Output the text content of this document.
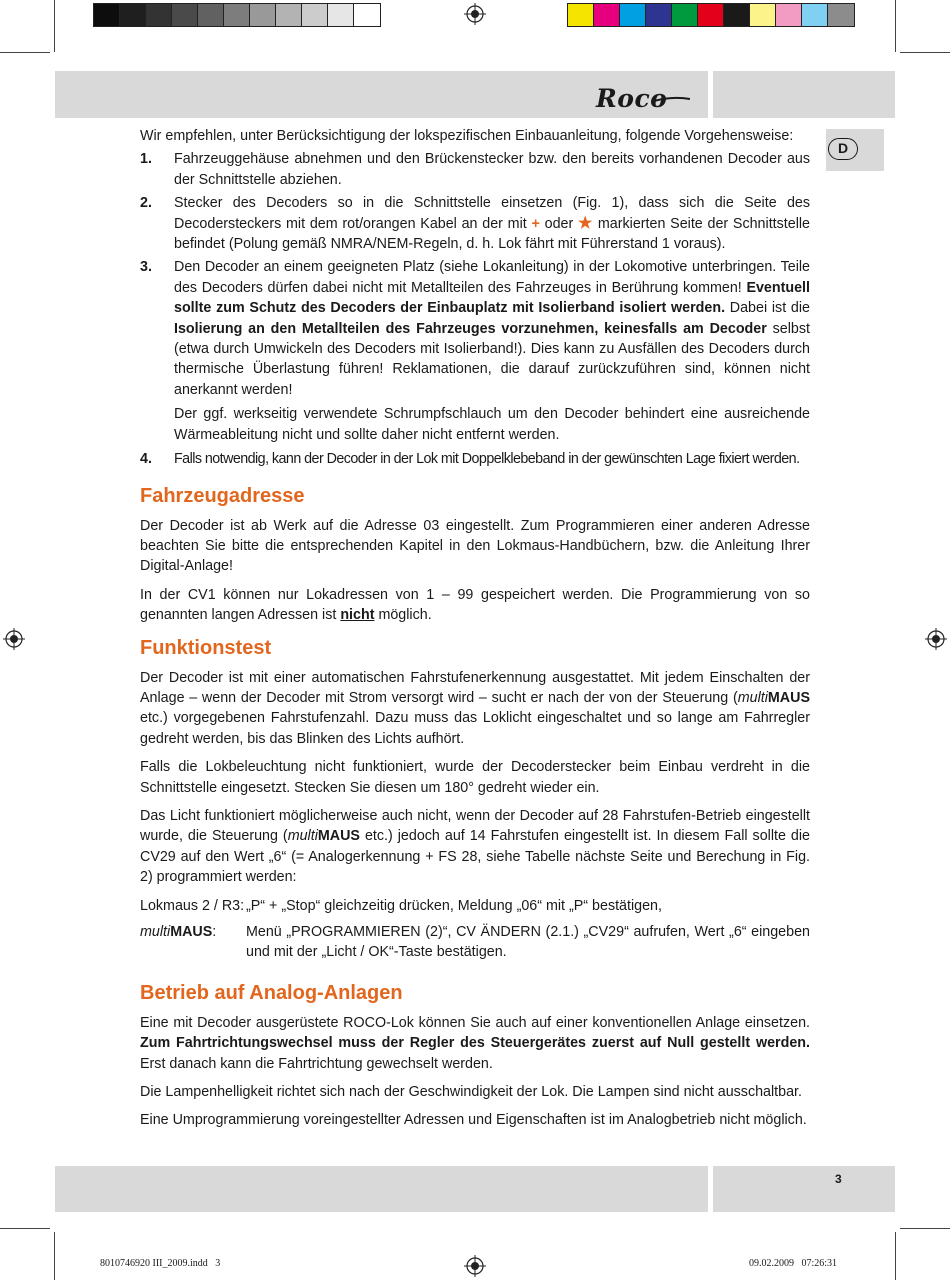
Roco
D

Wir empfehlen, unter Berücksichtigung der lokspezifischen Einbauanleitung, folgende Vorgehensweise:

1. Fahrzeuggehäuse abnehmen und den Brückenstecker bzw. den bereits vorhandenen Decoder aus der Schnittstelle abziehen.
2. Stecker des Decoders so in die Schnittstelle einsetzen (Fig. 1), dass sich die Seite des Decodersteckers mit dem rot/orangen Kabel an der mit + oder ★ markierten Seite der Schnittstelle befindet (Polung gemäß NMRA/NEM-Regeln, d. h. Lok fährt mit Führerstand 1 voraus).
3. Den Decoder an einem geeigneten Platz (siehe Lokanleitung) in der Lokomotive unterbringen. Teile des Decoders dürfen dabei nicht mit Metallteilen des Fahrzeuges in Berührung kommen! Eventuell sollte zum Schutz des Decoders der Einbauplatz mit Isolierband isoliert werden. Dabei ist die Isolierung an den Metallteilen des Fahrzeuges vorzunehmen, keinesfalls am Decoder selbst (etwa durch Umwickeln des Decoders mit Isolierband!). Dies kann zu Ausfällen des Decoders durch thermische Überlastung führen! Reklamationen, die darauf zurückzuführen sind, können nicht anerkannt werden!

Der ggf. werkseitig verwendete Schrumpfschlauch um den Decoder behindert eine ausreichende Wärmeableitung nicht und sollte daher nicht entfernt werden.

4. Falls notwendig, kann der Decoder in der Lok mit Doppelklebeband in der gewünschten Lage fixiert werden.
Fahrzeugadresse

Der Decoder ist ab Werk auf die Adresse 03 eingestellt. Zum Programmieren einer anderen Adresse beachten Sie bitte die entsprechenden Kapitel in den Lokmaus-Handbüchern, bzw. die Anleitung Ihrer Digital-Anlage!

In der CV1 können nur Lokadressen von 1 – 99 gespeichert werden. Die Programmierung von so genannten langen Adressen ist nicht möglich.

Funktionstest

Der Decoder ist mit einer automatischen Fahrstufenerkennung ausgestattet. Mit jedem Einschalten der Anlage – wenn der Decoder mit Strom versorgt wird – sucht er nach der von der Steuerung (multiMAUS etc.) vorgegebenen Fahrstufenzahl. Dazu muss das Loklicht eingeschaltet und so lange am Fahrregler gedreht werden, bis das Blinken des Lichts aufhört.

Falls die Lokbeleuchtung nicht funktioniert, wurde der Decoderstecker beim Einbau verdreht in die Schnittstelle eingesetzt. Stecken Sie diesen um 180° gedreht wieder ein.

Das Licht funktioniert möglicherweise auch nicht, wenn der Decoder auf 28 Fahrstufen-Betrieb eingestellt wurde, die Steuerung (multiMAUS etc.) jedoch auf 14 Fahrstufen eingestellt ist. In diesem Fall sollte die CV29 auf den Wert „6“ (= Analogerkennung + FS 28, siehe Tabelle nächste Seite und Berechung in Fig. 2) programmiert werden:

Lokmaus 2 / R3: „P“ + „Stop“ gleichzeitig drücken, Meldung „06“ mit „P“ bestätigen,
multiMAUS:	Menü „PROGRAMMIEREN (2)“, CV ÄNDERN (2.1.) „CV29“ aufrufen, Wert „6“ eingeben und mit der „Licht / OK“-Taste bestätigen.
Betrieb auf Analog-Anlagen

Eine mit Decoder ausgerüstete ROCO-Lok können Sie auch auf einer konventionellen Anlage einsetzen. Zum Fahrtrichtungswechsel muss der Regler des Steuergerätes zuerst auf Null gestellt werden. Erst danach kann die Fahrtrichtung gewechselt werden.

Die Lampenhelligkeit richtet sich nach der Geschwindigkeit der Lok. Die Lampen sind nicht ausschaltbar.

Eine Umprogrammierung voreingestellter Adressen und Eigenschaften ist im Analogbetrieb nicht möglich.

3
8010746920 III_2009.indd   3	09.02.2009   07:26:31
